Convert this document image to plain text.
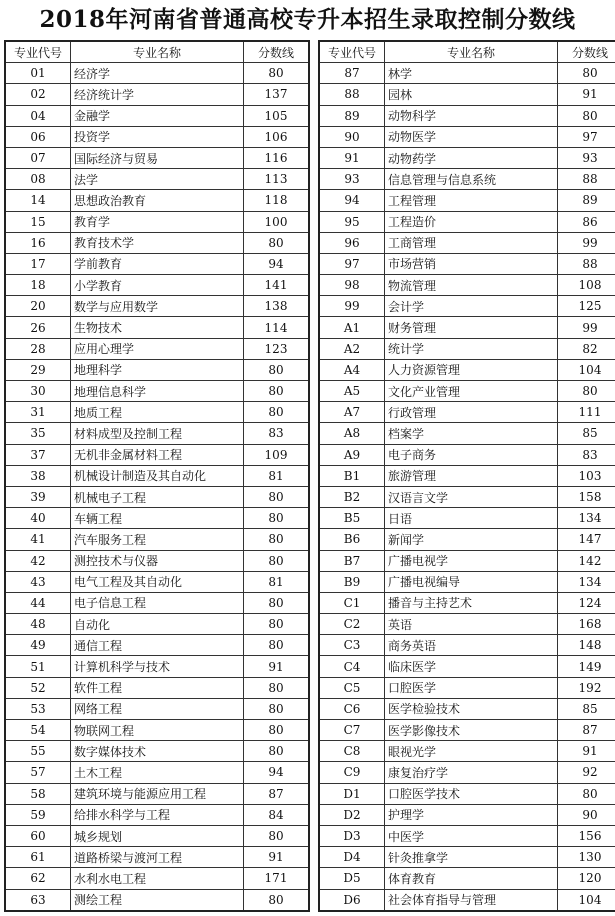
2018年河南省普通高校专升本招生录取控制分数线
专业代号	专业名称	分数线
01	经济学	80
02	经济统计学	137
04	金融学	105
06	投资学	106
07	国际经济与贸易	116
08	法学	113
14	思想政治教育	118
15	教育学	100
16	教育技术学	80
17	学前教育	94
18	小学教育	141
20	数学与应用数学	138
26	生物技术	114
28	应用心理学	123
29	地理科学	80
30	地理信息科学	80
31	地质工程	80
35	材料成型及控制工程	83
37	无机非金属材料工程	109
38	机械设计制造及其自动化	81
39	机械电子工程	80
40	车辆工程	80
41	汽车服务工程	80
42	测控技术与仪器	80
43	电气工程及其自动化	81
44	电子信息工程	80
48	自动化	80
49	通信工程	80
51	计算机科学与技术	91
52	软件工程	80
53	网络工程	80
54	物联网工程	80
55	数字媒体技术	80
57	土木工程	94
58	建筑环境与能源应用工程	87
59	给排水科学与工程	84
60	城乡规划	80
61	道路桥梁与渡河工程	91
62	水利水电工程	171
63	测绘工程	80
专业代号	专业名称	分数线
87	林学	80
88	园林	91
89	动物科学	80
90	动物医学	97
91	动物药学	93
93	信息管理与信息系统	88
94	工程管理	89
95	工程造价	86
96	工商管理	99
97	市场营销	88
98	物流管理	108
99	会计学	125
A1	财务管理	99
A2	统计学	82
A4	人力资源管理	104
A5	文化产业管理	80
A7	行政管理	111
A8	档案学	85
A9	电子商务	83
B1	旅游管理	103
B2	汉语言文学	158
B5	日语	134
B6	新闻学	147
B7	广播电视学	142
B9	广播电视编导	134
C1	播音与主持艺术	124
C2	英语	168
C3	商务英语	148
C4	临床医学	149
C5	口腔医学	192
C6	医学检验技术	85
C7	医学影像技术	87
C8	眼视光学	91
C9	康复治疗学	92
D1	口腔医学技术	80
D2	护理学	90
D3	中医学	156
D4	针灸推拿学	130
D5	体育教育	120
D6	社会体育指导与管理	104
